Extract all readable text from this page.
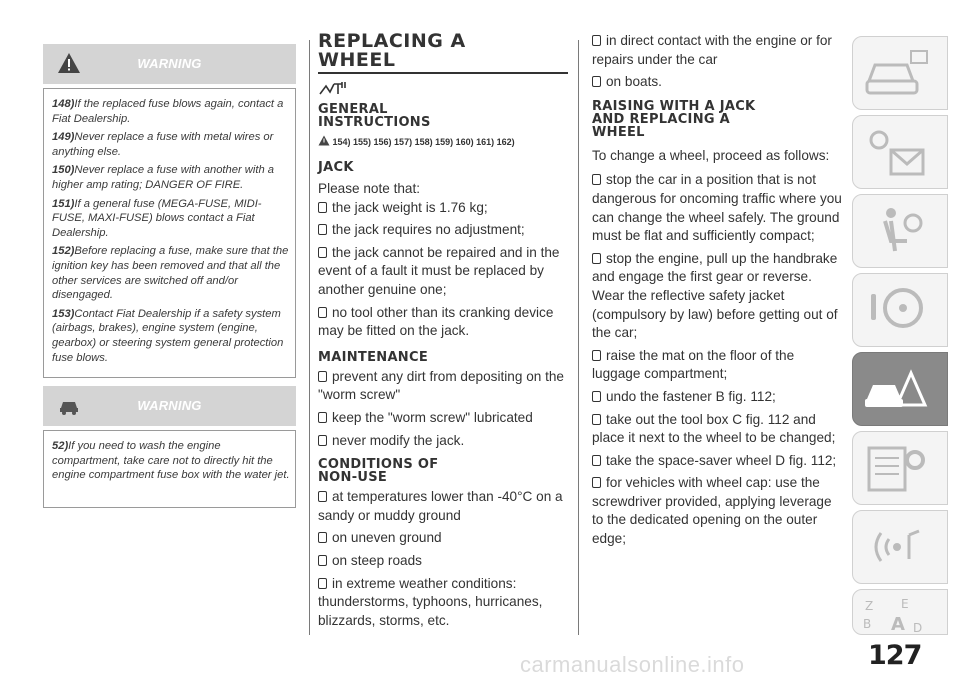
WARNING

148)If the replaced fuse blows again, contact a Fiat Dealership.

149)Never replace a fuse with metal wires or anything else.

150)Never replace a fuse with another with a higher amp rating; DANGER OF FIRE.

151)If a general fuse (MEGA-FUSE, MIDI-FUSE, MAXI-FUSE) blows contact a Fiat Dealership.

152)Before replacing a fuse, make sure that the ignition key has been removed and that all the other services are switched off and/or disengaged.

153)Contact Fiat Dealership if a safety system (airbags, brakes), engine system (engine, gearbox) or steering system general protection fuse blows.

WARNING

52)If you need to wash the engine compartment, take care not to directly hit the engine compartment fuse box with the water jet.

REPLACING A
WHEEL
GENERAL
INSTRUCTIONS
154) 155) 156) 157) 158) 159) 160) 161) 162)
JACK
Please note that:
the jack weight is 1.76 kg;
the jack requires no adjustment;
the jack cannot be repaired and in the event of a fault it must be replaced by another genuine one;
no tool other than its cranking device may be fitted on the jack.
MAINTENANCE
prevent any dirt from depositing on the "worm screw"
keep the "worm screw" lubricated
never modify the jack.
CONDITIONS OF
NON-USE
at temperatures lower than -40°C on a sandy or muddy ground
on uneven ground
on steep roads
in extreme weather conditions: thunderstorms, typhoons, hurricanes, blizzards, storms, etc.
in direct contact with the engine or for repairs under the car
on boats.
RAISING WITH A JACK
AND REPLACING A
WHEEL
To change a wheel, proceed as follows:
stop the car in a position that is not dangerous for oncoming traffic where you can change the wheel safely. The ground must be flat and sufficiently compact;
stop the engine, pull up the handbrake and engage the first gear or reverse. Wear the reflective safety jacket (compulsory by law) before getting out of the car;
raise the mat on the floor of the luggage compartment;
undo the fastener B fig. 112;
take out the tool box C fig. 112 and place it next to the wheel to be changed;
take the space-saver wheel D fig. 112;
for vehicles with wheel cap: use the screwdriver provided, applying leverage to the dedicated opening on the outer edge;
Z E
B A D
127
carmanualsonline.info
